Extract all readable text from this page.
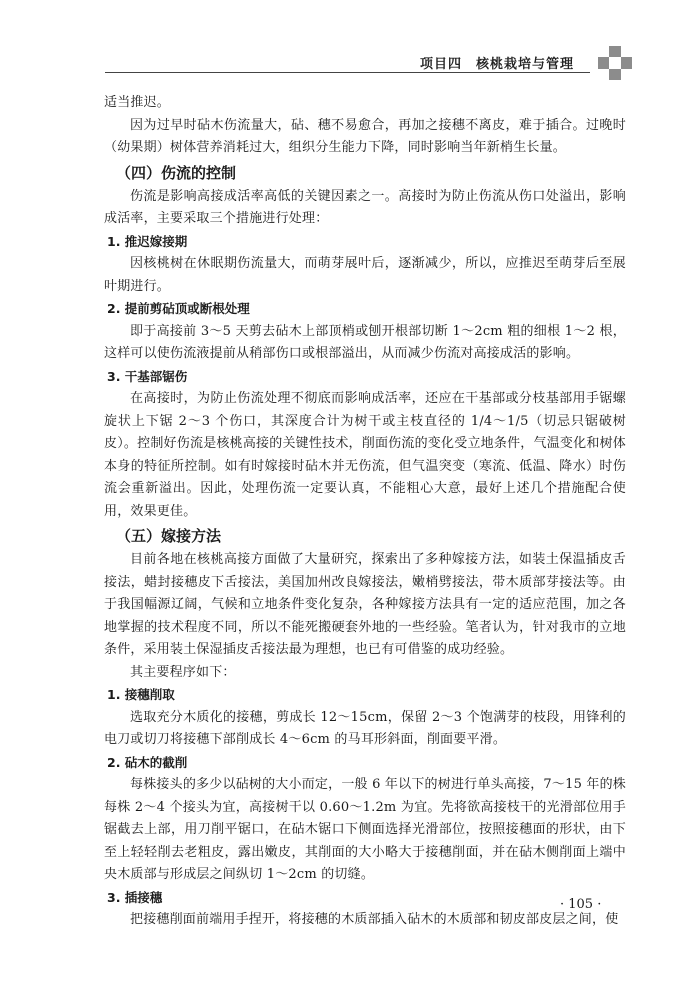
项目四　核桃栽培与管理

适当推迟。

因为过早时砧木伤流量大，砧、穗不易愈合，再加之接穗不离皮，难于插合。过晚时（幼果期）树体营养消耗过大，组织分生能力下降，同时影响当年新梢生长量。

（四）伤流的控制

伤流是影响高接成活率高低的关键因素之一。高接时为防止伤流从伤口处溢出，影响成活率，主要采取三个措施进行处理：

1. 推迟嫁接期

因核桃树在休眠期伤流量大，而萌芽展叶后，逐渐减少，所以，应推迟至萌芽后至展叶期进行。

2. 提前剪砧顶或断根处理

即于高接前 3～5 天剪去砧木上部顶梢或刨开根部切断 1～2cm 粗的细根 1～2 根，这样可以使伤流液提前从稍部伤口或根部溢出，从而减少伤流对高接成活的影响。

3. 干基部锯伤

在高接时，为防止伤流处理不彻底而影响成活率，还应在干基部或分枝基部用手锯螺旋状上下锯 2～3 个伤口，其深度合计为树干或主枝直径的 1/4～1/5（切忌只锯破树皮）。控制好伤流是核桃高接的关键性技术，削面伤流的变化受立地条件，气温变化和树体本身的特征所控制。如有时嫁接时砧木并无伤流，但气温突变（寒流、低温、降水）时伤流会重新溢出。因此，处理伤流一定要认真，不能粗心大意，最好上述几个措施配合使用，效果更佳。

（五）嫁接方法

目前各地在核桃高接方面做了大量研究，探索出了多种嫁接方法，如装土保温插皮舌接法，蜡封接穗皮下舌接法，美国加州改良嫁接法，嫩梢劈接法，带木质部芽接法等。由于我国幅源辽阔，气候和立地条件变化复杂，各种嫁接方法具有一定的适应范围，加之各地掌握的技术程度不同，所以不能死搬硬套外地的一些经验。笔者认为，针对我市的立地条件，采用装土保湿插皮舌接法最为理想，也已有可借鉴的成功经验。

其主要程序如下：

1. 接穗削取

选取充分木质化的接穗，剪成长 12～15cm，保留 2～3 个饱满芽的枝段，用锋利的电刀或切刀将接穗下部削成长 4～6cm 的马耳形斜面，削面要平滑。

2. 砧木的截削

每株接头的多少以砧树的大小而定，一般 6 年以下的树进行单头高接，7～15 年的株每株 2～4 个接头为宜，高接树干以 0.60～1.2m 为宜。先将欲高接枝干的光滑部位用手锯截去上部，用刀削平锯口，在砧木锯口下侧面选择光滑部位，按照接穗面的形状，由下至上轻轻削去老粗皮，露出嫩皮，其削面的大小略大于接穗削面，并在砧木侧削面上端中央木质部与形成层之间纵切 1～2cm 的切缝。

3. 插接穗

把接穗削面前端用手捏开，将接穗的木质部插入砧木的木质部和韧皮部皮层之间，使

· 105 ·
